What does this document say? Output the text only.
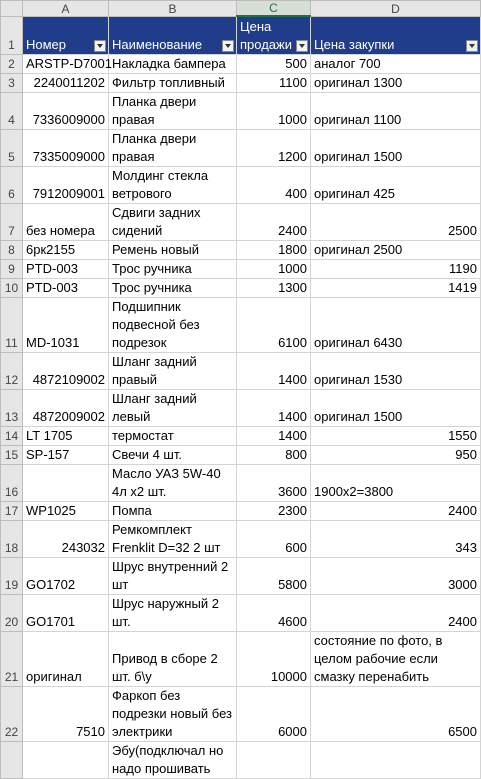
	A	B	C	D
1	Номер	Наименование	Цена продажи	Цена закупки

2	ARSTP-D7001	Накладка бампера	500	аналог 700
3	2240011202	Фильтр топливный	1100	оригинал 1300
4	7336009000	Планка двери правая	1000	оригинал 1100
5	7335009000	Планка двери правая	1200	оригинал 1500
6	7912009001	Молдинг стекла ветрового	400	оригинал 425
7	без номера	Сдвиги задних сидений	2400	2500
8	6рк2155	Ремень новый	1800	оригинал 2500
9	PTD-003	Трос ручника	1000	1190
10	PTD-003	Трос ручника	1300	1419
11	MD-1031	Подшипник подвесной без подрезок	6100	оригинал 6430
12	4872109002	Шланг задний правый	1400	оригинал 1530
13	4872009002	Шланг задний левый	1400	оригинал 1500
14	LT 1705	термостат	1400	1550
15	SP-157	Свечи 4 шт.	800	950
16		Масло УАЗ 5W-40 4л x2 шт.	3600	1900x2=3800
17	WP1025	Помпа	2300	2400
18	243032	Ремкомплект Frenklit D=32 2 шт	600	343
19	GO1702	Шрус внутренний 2 шт	5800	3000
20	GO1701	Шрус наружный 2 шт.	4600	2400
21	оригинал	Привод в сборе 2 шт. б\у	10000	состояние по фото, в целом рабочие если смазку перенабить
22	7510	Фаркоп без подрезки новый без электрики	6000	6500
		Эбу(подключал но надо прошивать		
